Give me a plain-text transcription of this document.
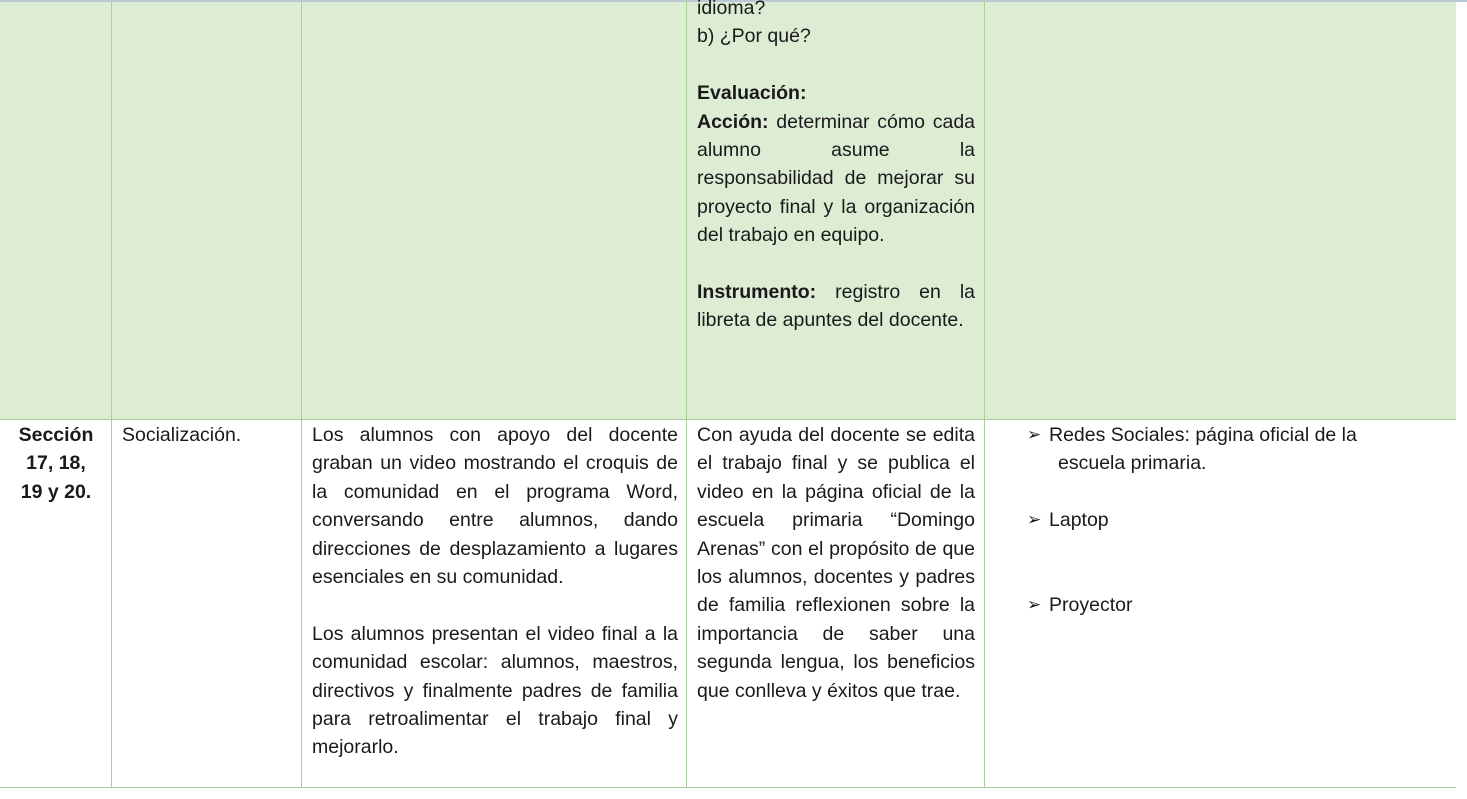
idioma?

b) ¿Por qué?

Evaluación:

Acción: determinar cómo cada alumno asume la responsabilidad de mejorar su proyecto final y la organización del trabajo en equipo.

Instrumento: registro en la libreta de apuntes del docente.

Sección
17, 18,
19 y 20.
Socialización.	Los alumnos con apoyo del docente graban un video mostrando el croquis de la comunidad en el programa Word, conversando entre alumnos, dando direcciones de desplazamiento a lugares esenciales en su comunidad.

Los alumnos presentan el video final a la comunidad escolar: alumnos, maestros, directivos y finalmente padres de familia para retroalimentar el trabajo final y mejorarlo.

Con ayuda del docente se edita el trabajo final y se publica el video en la página oficial de la escuela primaria “Domingo Arenas” con el propósito de que los alumnos, docentes y padres de familia reflexionen sobre la importancia de saber una segunda lengua, los beneficios que conlleva y éxitos que trae.

➢ Redes Sociales: página oficial de la
escuela primaria.
➢ Laptop
➢ Proyector
